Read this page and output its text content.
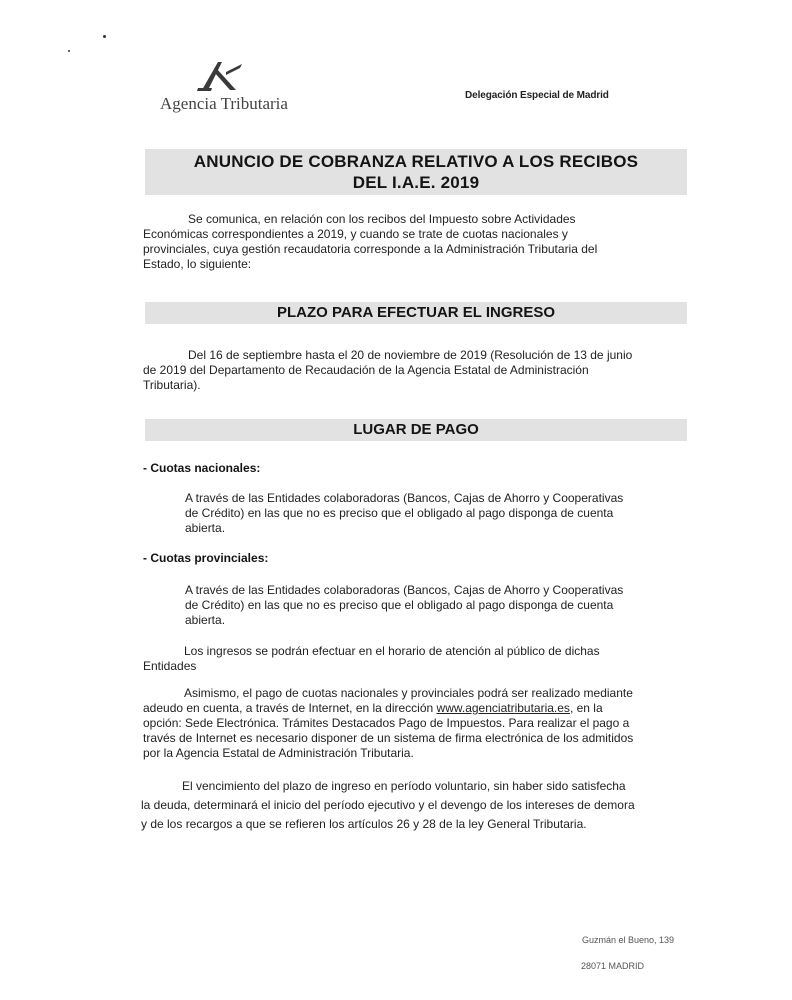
Agencia Tributaria	Delegación Especial de Madrid
ANUNCIO DE COBRANZA RELATIVO A LOS RECIBOS
DEL I.A.E. 2019
Se comunica, en relación con los recibos del Impuesto sobre Actividades
Económicas correspondientes a 2019, y cuando se trate de cuotas nacionales y
provinciales, cuya gestión recaudatoria corresponde a la Administración Tributaria del
Estado, lo siguiente:
PLAZO PARA EFECTUAR EL INGRESO
Del 16 de septiembre hasta el 20 de noviembre de 2019 (Resolución de 13 de junio
de 2019 del Departamento de Recaudación de la Agencia Estatal de Administración
Tributaria).
LUGAR DE PAGO
- Cuotas nacionales:
A través de las Entidades colaboradoras (Bancos, Cajas de Ahorro y Cooperativas
de Crédito) en las que no es preciso que el obligado al pago disponga de cuenta
abierta.
- Cuotas provinciales:
A través de las Entidades colaboradoras (Bancos, Cajas de Ahorro y Cooperativas
de Crédito) en las que no es preciso que el obligado al pago disponga de cuenta
abierta.
Los ingresos se podrán efectuar en el horario de atención al público de dichas
Entidades
Asimismo, el pago de cuotas nacionales y provinciales podrá ser realizado mediante
adeudo en cuenta, a través de Internet, en la dirección www.agenciatributaria.es, en la
opción: Sede Electrónica. Trámites Destacados Pago de Impuestos. Para realizar el pago a
través de Internet es necesario disponer de un sistema de firma electrónica de los admitidos
por la Agencia Estatal de Administración Tributaria.
El vencimiento del plazo de ingreso en período voluntario, sin haber sido satisfecha
la deuda, determinará el inicio del período ejecutivo y el devengo de los intereses de demora
y de los recargos a que se refieren los artículos 26 y 28 de la ley General Tributaria.
Guzmán el Bueno, 139
28071 MADRID
